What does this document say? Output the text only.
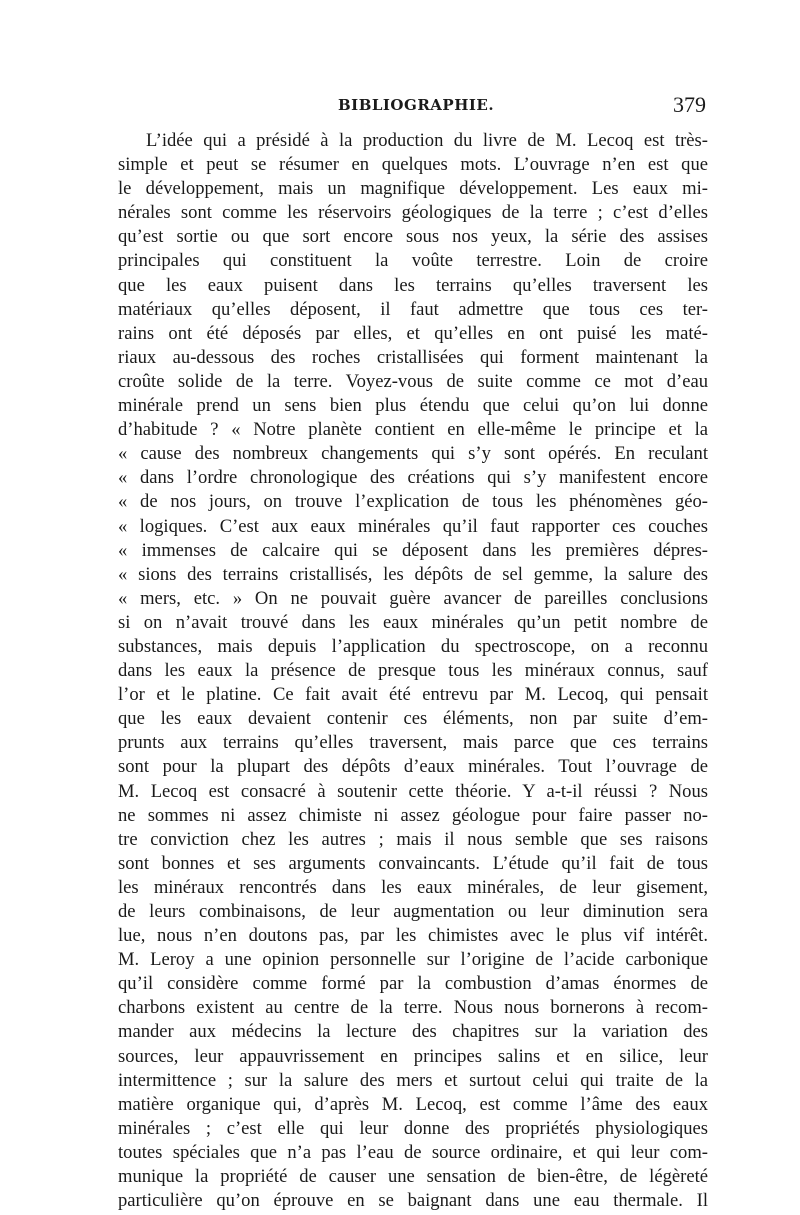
BIBLIOGRAPHIE.	379
L’idée qui a présidé à la production du livre de M. Lecoq est très-
simple et peut se résumer en quelques mots. L’ouvrage n’en est que
le développement, mais un magnifique développement. Les eaux mi-
nérales sont comme les réservoirs géologiques de la terre ; c’est d’elles
qu’est sortie ou que sort encore sous nos yeux, la série des assises
principales qui constituent la voûte terrestre. Loin de croire
que les eaux puisent dans les terrains qu’elles traversent les
matériaux qu’elles déposent, il faut admettre que tous ces ter-
rains ont été déposés par elles, et qu’elles en ont puisé les maté-
riaux au-dessous des roches cristallisées qui forment maintenant la
croûte solide de la terre. Voyez-vous de suite comme ce mot d’eau
minérale prend un sens bien plus étendu que celui qu’on lui donne
d’habitude ? « Notre planète contient en elle-même le principe et la
« cause des nombreux changements qui s’y sont opérés. En reculant
« dans l’ordre chronologique des créations qui s’y manifestent encore
« de nos jours, on trouve l’explication de tous les phénomènes géo-
« logiques. C’est aux eaux minérales qu’il faut rapporter ces couches
« immenses de calcaire qui se déposent dans les premières dépres-
« sions des terrains cristallisés, les dépôts de sel gemme, la salure des
« mers, etc. » On ne pouvait guère avancer de pareilles conclusions
si on n’avait trouvé dans les eaux minérales qu’un petit nombre de
substances, mais depuis l’application du spectroscope, on a reconnu
dans les eaux la présence de presque tous les minéraux connus, sauf
l’or et le platine. Ce fait avait été entrevu par M. Lecoq, qui pensait
que les eaux devaient contenir ces éléments, non par suite d’em-
prunts aux terrains qu’elles traversent, mais parce que ces terrains
sont pour la plupart des dépôts d’eaux minérales. Tout l’ouvrage de
M. Lecoq est consacré à soutenir cette théorie. Y a-t-il réussi ? Nous
ne sommes ni assez chimiste ni assez géologue pour faire passer no-
tre conviction chez les autres ; mais il nous semble que ses raisons
sont bonnes et ses arguments convaincants. L’étude qu’il fait de tous
les minéraux rencontrés dans les eaux minérales, de leur gisement,
de leurs combinaisons, de leur augmentation ou leur diminution sera
lue, nous n’en doutons pas, par les chimistes avec le plus vif intérêt.
M. Leroy a une opinion personnelle sur l’origine de l’acide carbonique
qu’il considère comme formé par la combustion d’amas énormes de
charbons existent au centre de la terre. Nous nous bornerons à recom-
mander aux médecins la lecture des chapitres sur la variation des
sources, leur appauvrissement en principes salins et en silice, leur
intermittence ; sur la salure des mers et surtout celui qui traite de la
matière organique qui, d’après M. Lecoq, est comme l’âme des eaux
minérales ; c’est elle qui leur donne des propriétés physiologiques
toutes spéciales que n’a pas l’eau de source ordinaire, et qui leur com-
munique la propriété de causer une sensation de bien-être, de légèreté
particulière qu’on éprouve en se baignant dans une eau thermale. Il
